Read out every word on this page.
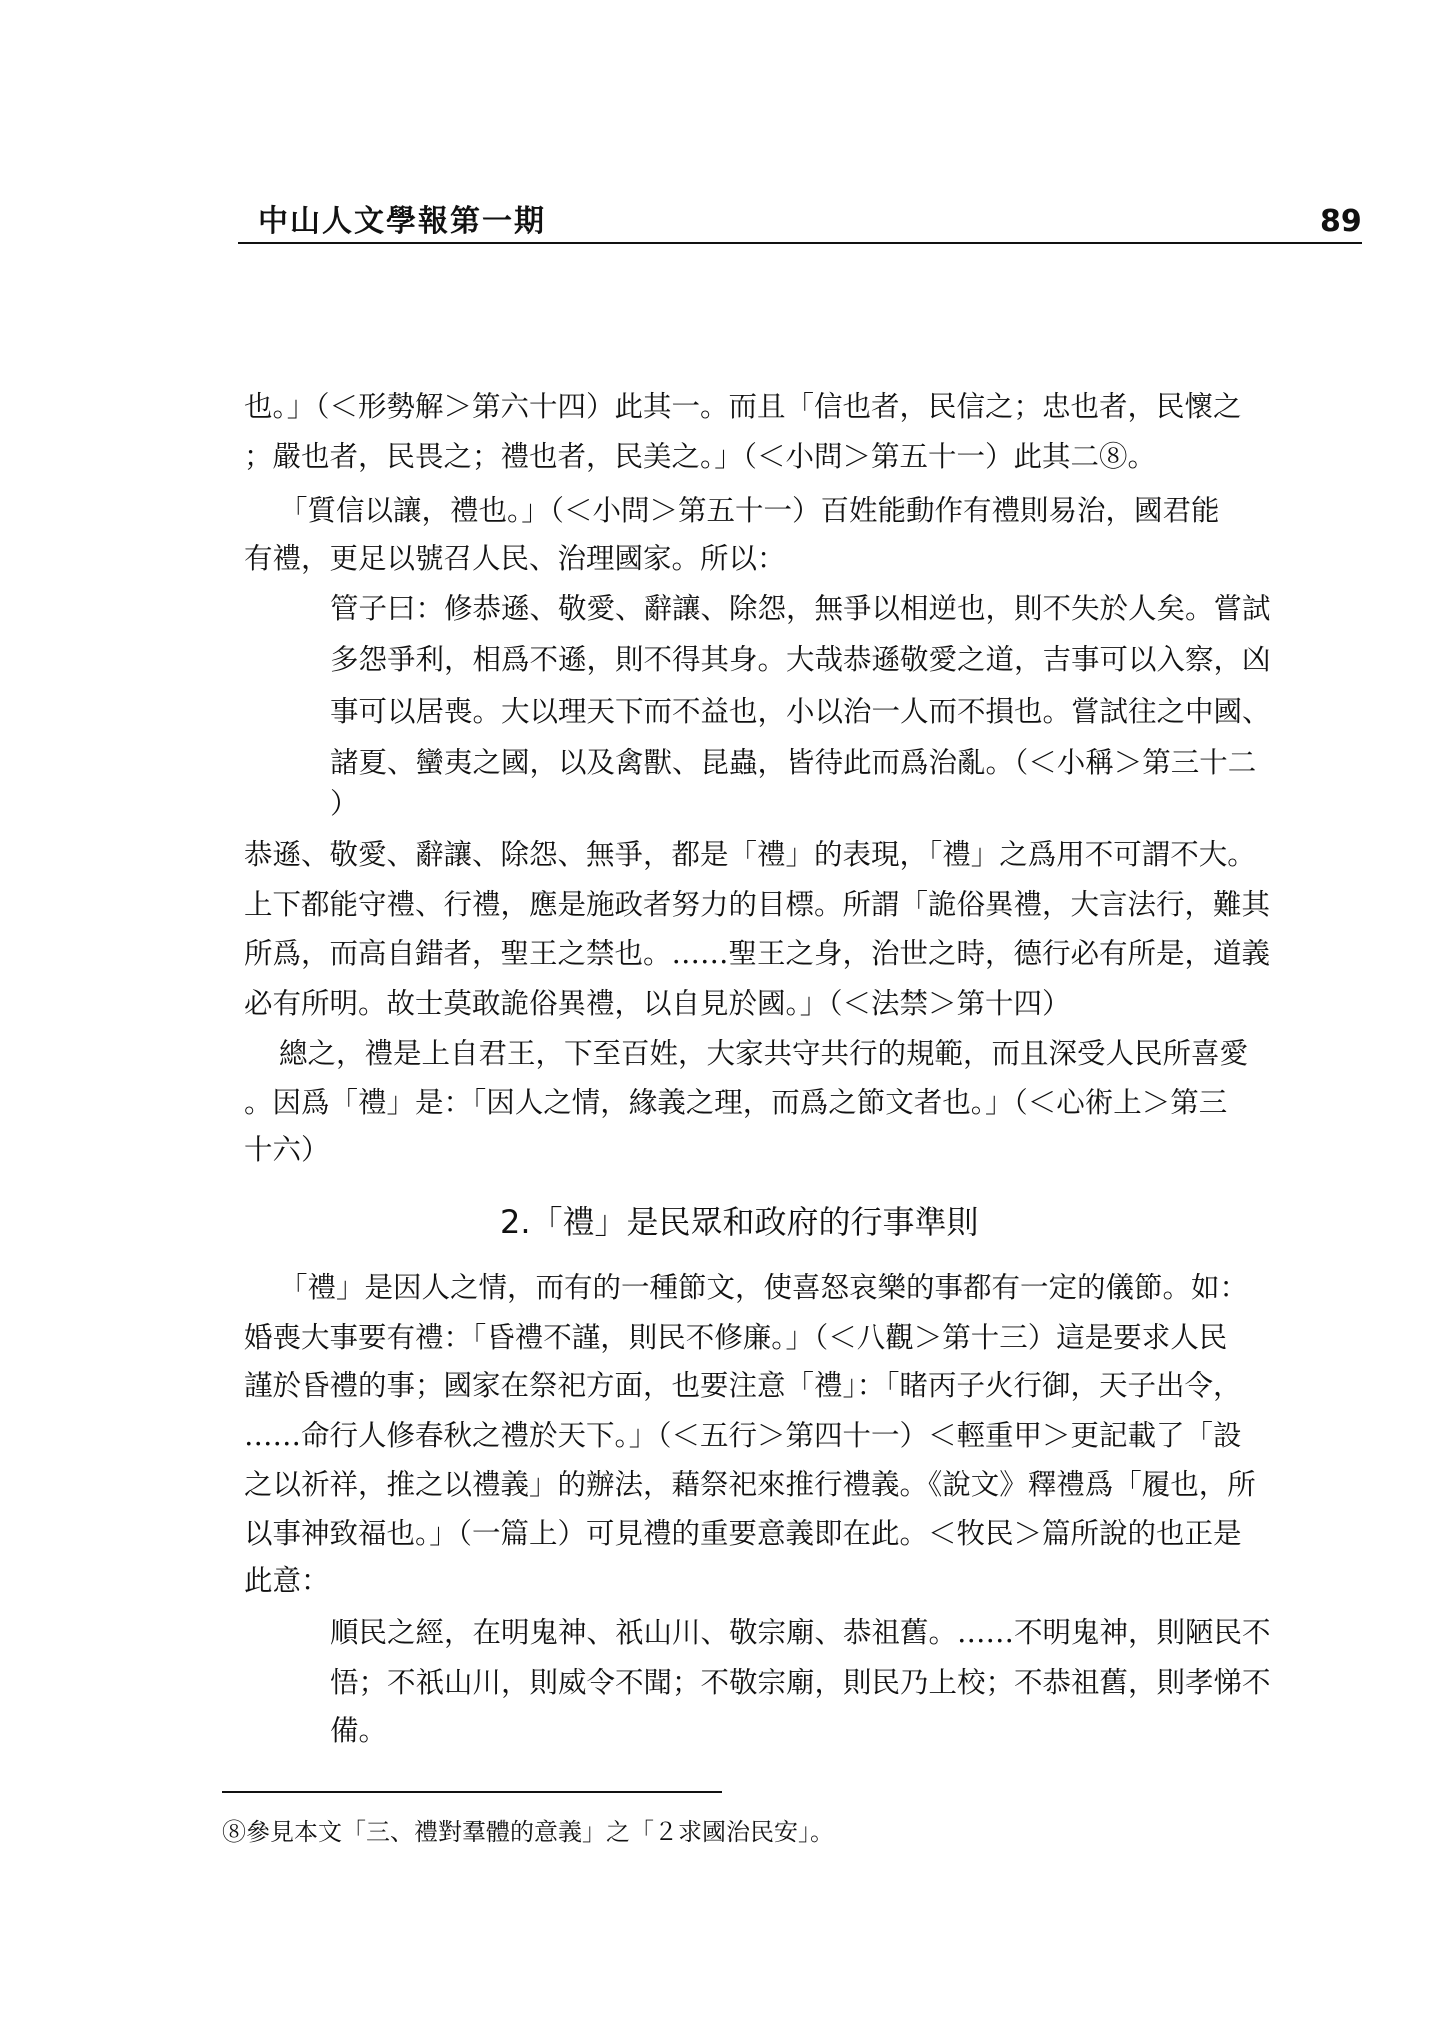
中山人文學報第一期	89
也。」（＜形勢解＞第六十四）此其一。而且「信也者，民信之；忠也者，民懷之
；嚴也者，民畏之；禮也者，民美之。」（＜小問＞第五十一）此其二⑧。
「質信以讓，禮也。」（＜小問＞第五十一）百姓能動作有禮則易治，國君能
有禮，更足以號召人民、治理國家。所以：
管子曰：修恭遜、敬愛、辭讓、除怨，無爭以相逆也，則不失於人矣。嘗試
多怨爭利，相爲不遜，則不得其身。大哉恭遜敬愛之道，吉事可以入察，凶
事可以居喪。大以理天下而不益也，小以治一人而不損也。嘗試往之中國、
諸夏、蠻夷之國，以及禽獸、昆蟲，皆待此而爲治亂。（＜小稱＞第三十二
）
恭遜、敬愛、辭讓、除怨、無爭，都是「禮」的表現，「禮」之爲用不可謂不大。
上下都能守禮、行禮，應是施政者努力的目標。所謂「詭俗異禮，大言法行，難其
所爲，而高自錯者，聖王之禁也。……聖王之身，治世之時，德行必有所是，道義
必有所明。故士莫敢詭俗異禮，以自見於國。」（＜法禁＞第十四）
總之，禮是上自君王，下至百姓，大家共守共行的規範，而且深受人民所喜愛
。因爲「禮」是：「因人之情，緣義之理，而爲之節文者也。」（＜心術上＞第三
十六）
2.「禮」是民眾和政府的行事準則
「禮」是因人之情，而有的一種節文，使喜怒哀樂的事都有一定的儀節。如：
婚喪大事要有禮：「昏禮不謹，則民不修廉。」（＜八觀＞第十三）這是要求人民
謹於昏禮的事；國家在祭祀方面，也要注意「禮」：「睹丙子火行御，天子出令，
……命行人修春秋之禮於天下。」（＜五行＞第四十一）＜輕重甲＞更記載了「設
之以祈祥，推之以禮義」的辦法，藉祭祀來推行禮義。《說文》釋禮爲「履也，所
以事神致福也。」（一篇上）可見禮的重要意義即在此。＜牧民＞篇所說的也正是
此意：
順民之經，在明鬼神、祇山川、敬宗廟、恭祖舊。……不明鬼神，則陋民不
悟；不祇山川，則威令不聞；不敬宗廟，則民乃上校；不恭祖舊，則孝悌不
備。
⑧參見本文「三、禮對羣體的意義」之「２求國治民安」。
